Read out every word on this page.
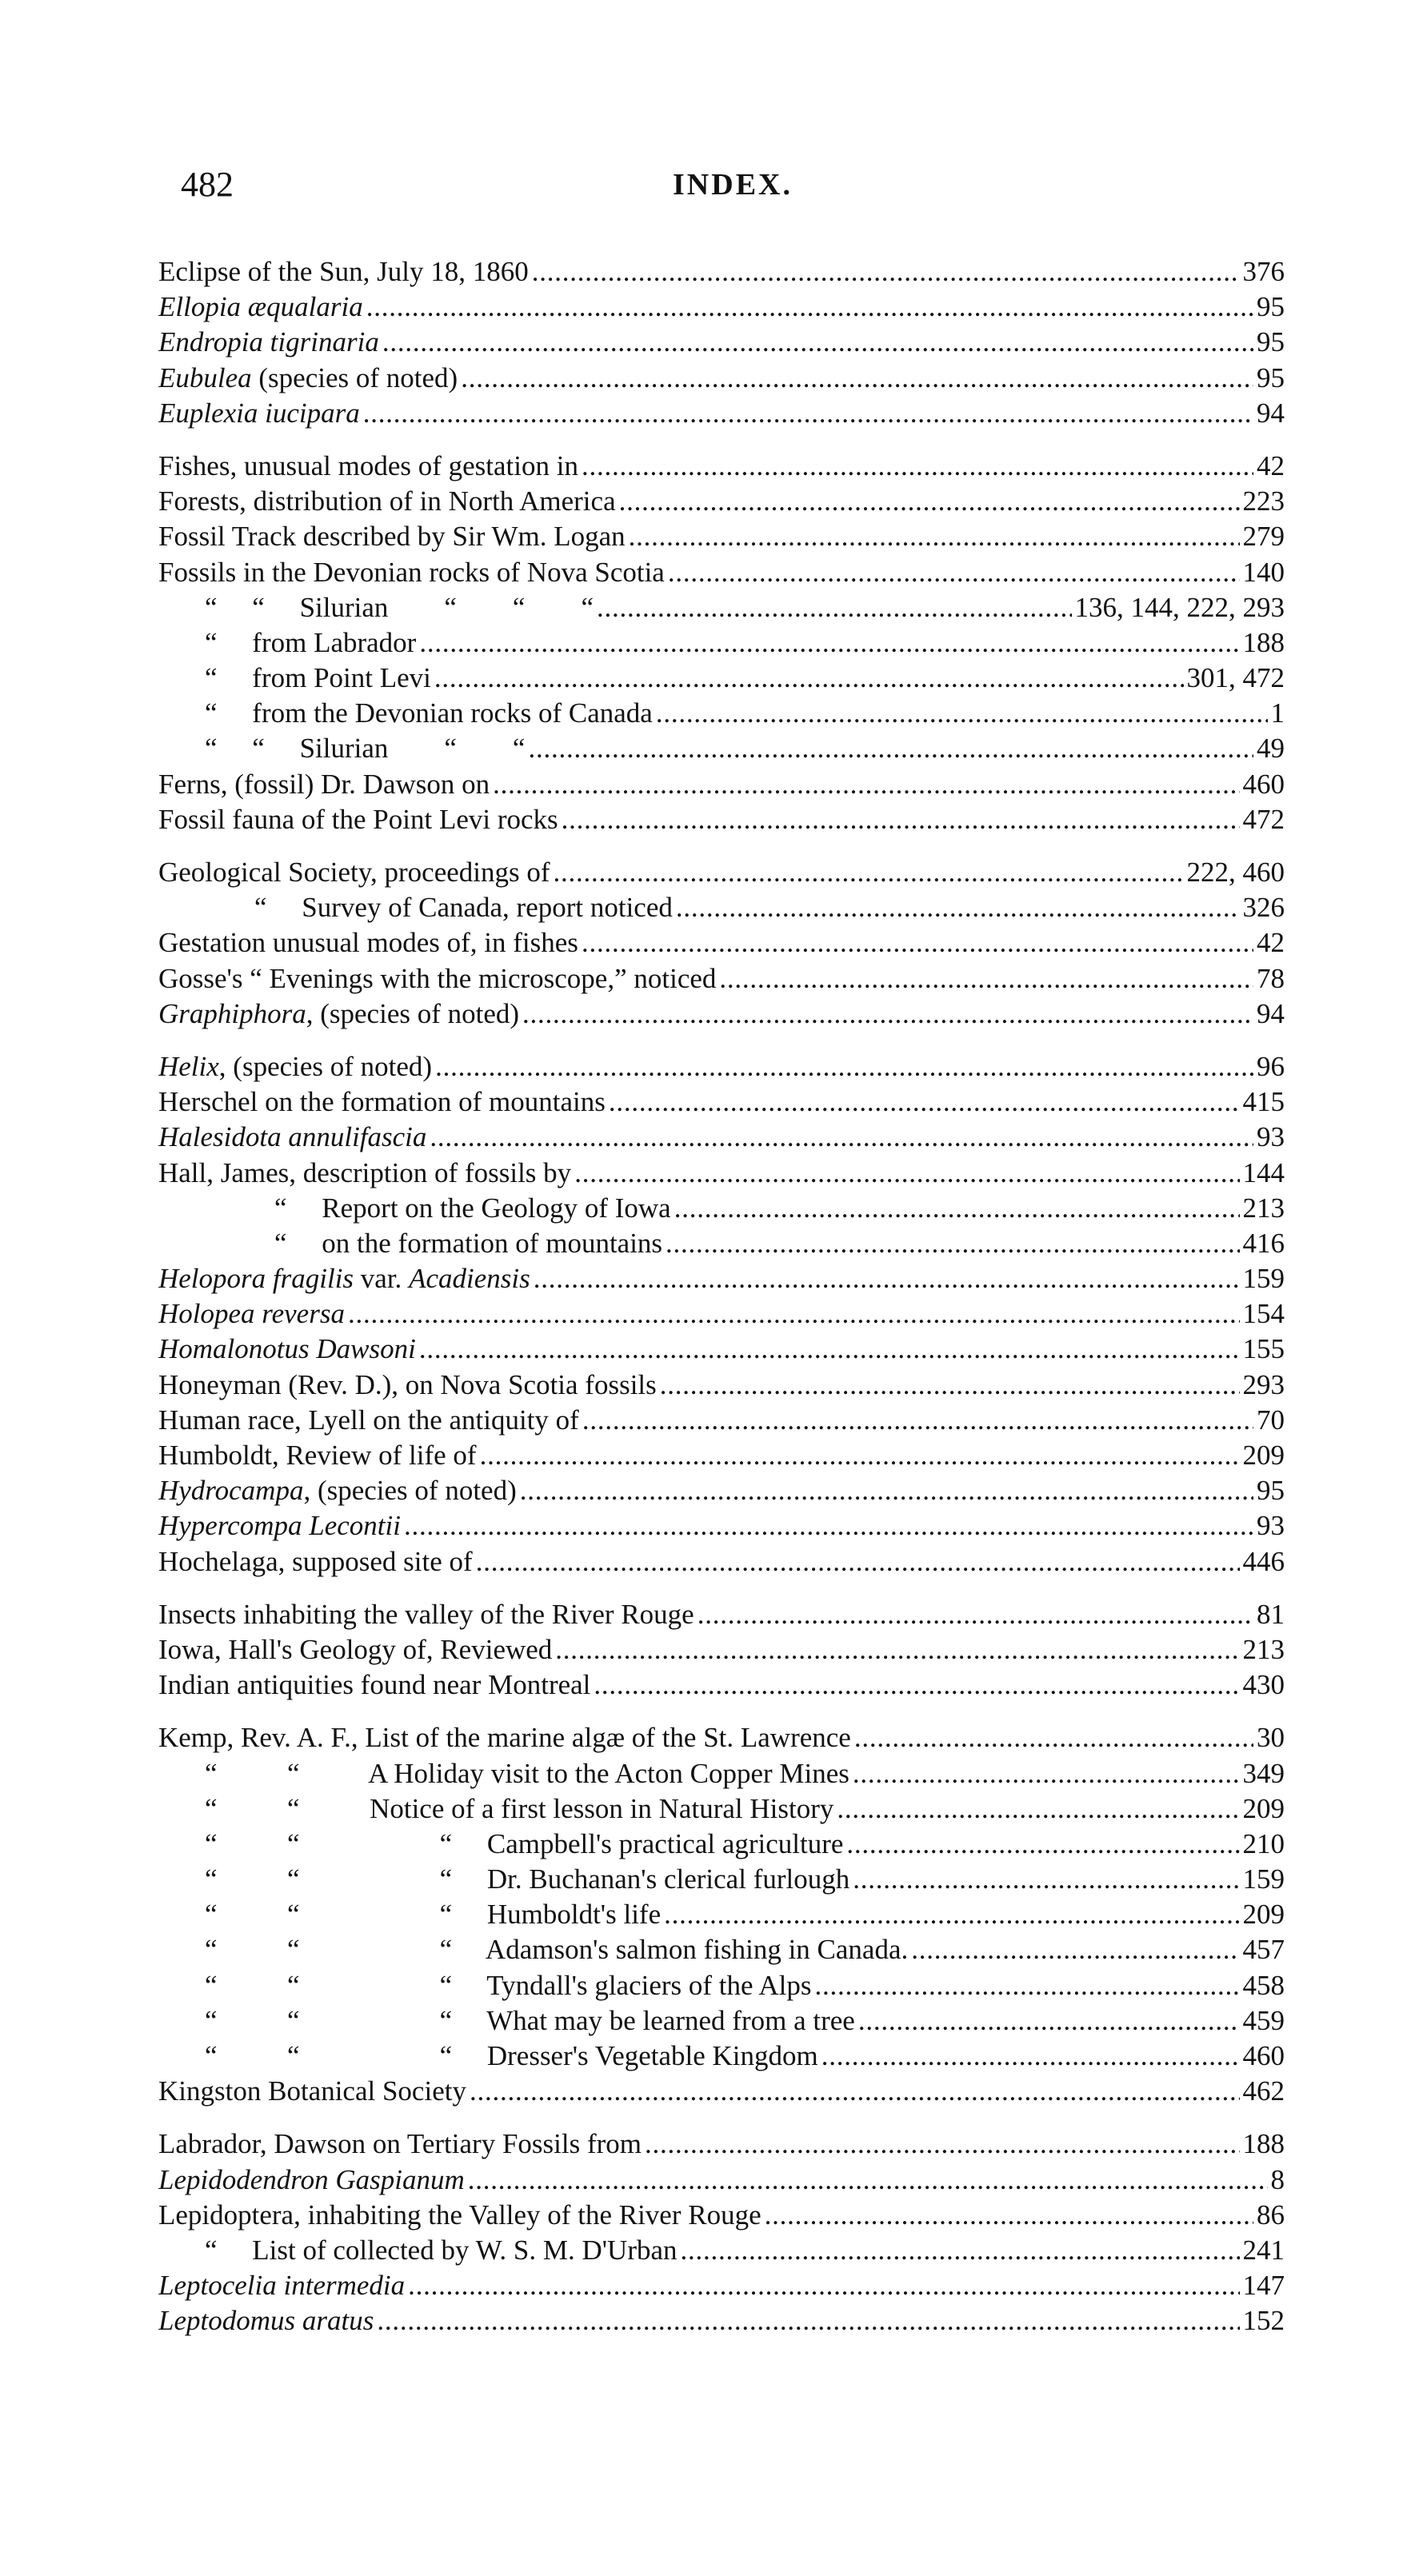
482	INDEX.
Eclipse of the Sun, July 18, 1860 . . .	376
Ellopia æqualaria . . .	95
Endropia tigrinaria . . .	95
Eubulea (species of noted) . . .	95
Euplexia iucipara . . .	94
Fishes, unusual modes of gestation in . . .	42
Forests, distribution of in North America . . .	223
Fossil Track described by Sir Wm. Logan . . .	279
Fossils in the Devonian rocks of Nova Scotia . . .	140
“     “     Silurian        “        “        “ . . .	136, 144, 222, 293
“     from Labrador . . .	188
“     from Point Levi . . .	301, 472
“     from the Devonian rocks of Canada . . .	1
“     “     Silurian        “        “ . . .	49
Ferns, (fossil) Dr. Dawson on . . .	460
Fossil fauna of the Point Levi rocks . . .	472
Geological Society, proceedings of . . .	222, 460
“     Survey of Canada, report noticed . . .	326
Gestation unusual modes of, in fishes . . .	42
Gosse's “ Evenings with the microscope,” noticed . . .	78
Graphiphora, (species of noted) . . .	94
Helix, (species of noted) . . .	96
Herschel on the formation of mountains . . .	415
Halesidota annulifascia . . .	93
Hall, James, description of fossils by . . .	144
“     Report on the Geology of Iowa . . .	213
“     on the formation of mountains . . .	416
Helopora fragilis var. Acadiensis . . .	159
Holopea reversa . . .	154
Homalonotus Dawsoni . . .	155
Honeyman (Rev. D.), on Nova Scotia fossils . . .	293
Human race, Lyell on the antiquity of . . .	70
Humboldt, Review of life of . . .	209
Hydrocampa, (species of noted) . . .	95
Hypercompa Lecontii . . .	93
Hochelaga, supposed site of . . .	446
Insects inhabiting the valley of the River Rouge . . .	81
Iowa, Hall's Geology of, Reviewed . . .	213
Indian antiquities found near Montreal . . .	430
Kemp, Rev. A. F., List of the marine algæ of the St. Lawrence . . .	30
“          “          A Holiday visit to the Acton Copper Mines . . .	349
“          “          Notice of a first lesson in Natural History . . .	209
“          “                    “     Campbell's practical agriculture . . .	210
“          “                    “     Dr. Buchanan's clerical furlough . . .	159
“          “                    “     Humboldt's life . . .	209
“          “                    “     Adamson's salmon fishing in Canada. . . .	457
“          “                    “     Tyndall's glaciers of the Alps . . .	458
“          “                    “     What may be learned from a tree . . .	459
“          “                    “     Dresser's Vegetable Kingdom . . .	460
Kingston Botanical Society . . .	462
Labrador, Dawson on Tertiary Fossils from . . .	188
Lepidodendron Gaspianum . . .	8
Lepidoptera, inhabiting the Valley of the River Rouge . . .	86
“     List of collected by W. S. M. D'Urban . . .	241
Leptocelia intermedia . . .	147
Leptodomus aratus . . .	152
